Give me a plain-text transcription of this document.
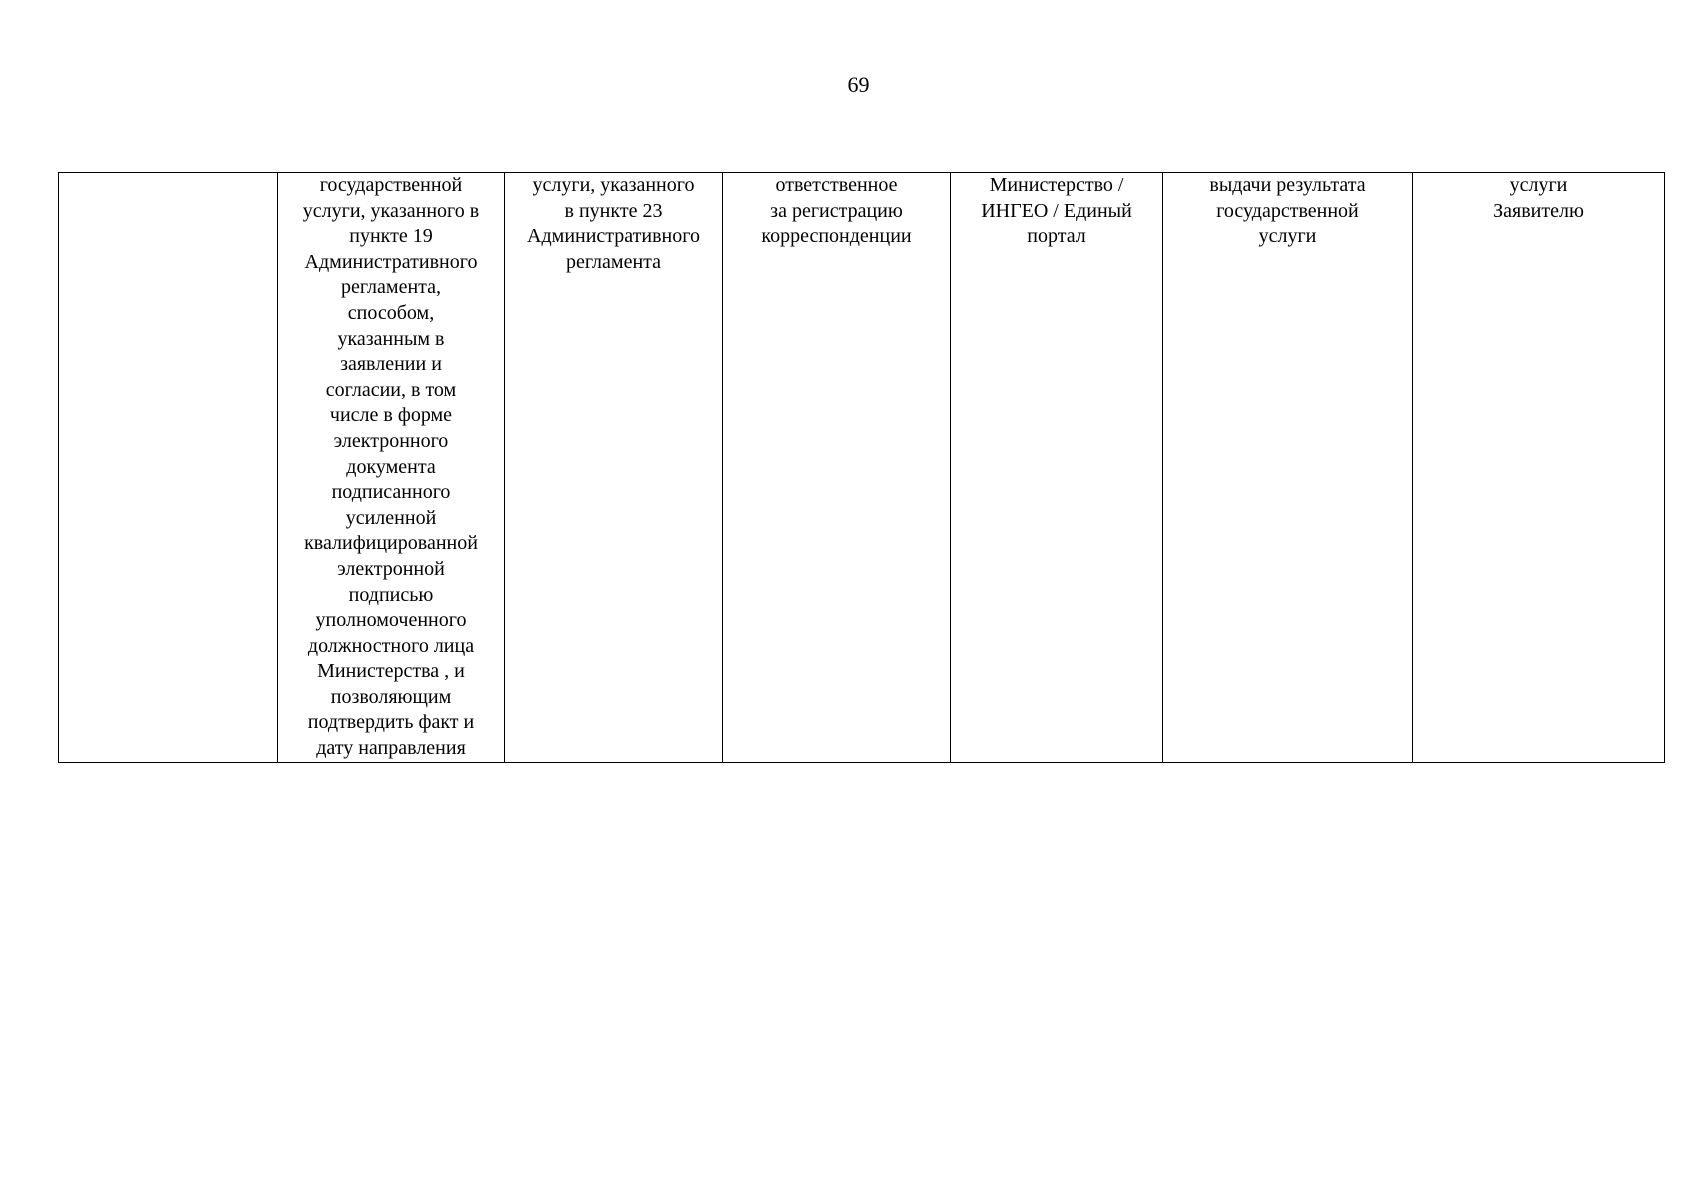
69
	государственной
услуги, указанного в
пункте 19
Административного
регламента,
способом,
указанным в
заявлении и
согласии, в том
числе в форме
электронного
документа
подписанного
усиленной
квалифицированной
электронной
подписью
уполномоченного
должностного лица
Министерства , и
позволяющим
подтвердить факт и
дату направления	услуги, указанного
в пункте 23
Административного
регламента	ответственное
за регистрацию
корреспонденции	Министерство /
ИНГЕО / Единый
портал	выдачи результата
государственной
услуги	услуги
Заявителю
